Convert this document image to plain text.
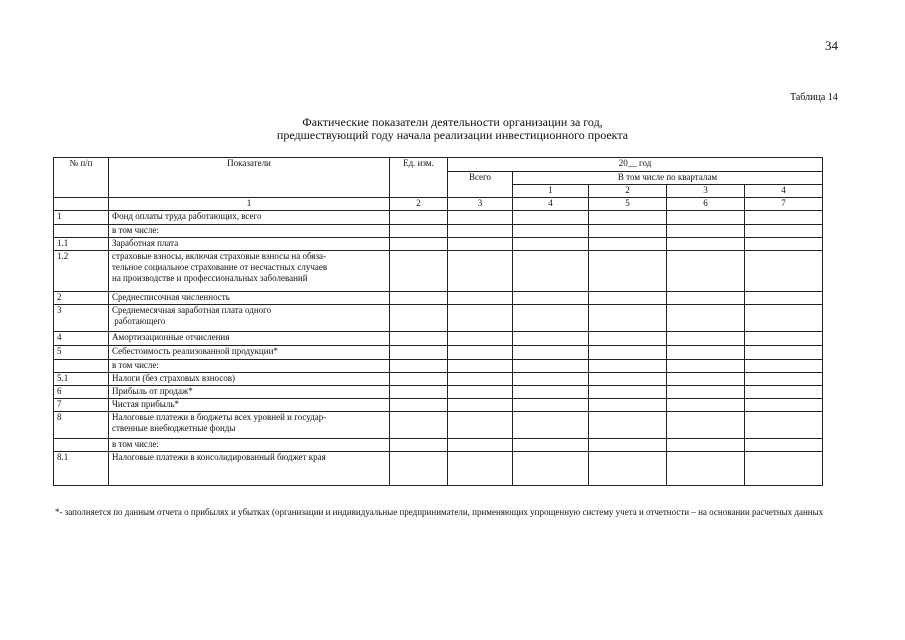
34
Таблица 14
Фактические показатели деятельности организации за год,
предшествующий году начала реализации инвестиционного проекта
№ п/п	Показатели	Ед. изм.	20__ год				
			Всего	В том числе по кварталам			
				1	2	3	4
	1	2	3	4	5	6	7
1	Фонд оплаты труда работающих, всего						

	в том числе:						

1.1	Заработная плата						

1.2	страховые взносы, включая страховые взносы на обяза-
тельное социальное страхование от несчастных случаев
на производстве и профессиональных заболеваний						

2	Среднесписочная численность						

3	Среднемесячная заработная плата одного
работающего						

4	Амортизационные отчисления						

5	Себестоимость реализованной продукции*						

	в том числе:						

5.1	Налоги (без страховых взносов)						

6	Прибыль от продаж*						

7	Чистая прибыль*						

8	Налоговые платежи в бюджеты всех уровней и государ-
ственные внебюджетные фонды						

	в том числе:						

8.1	Налоговые платежи в консолидированный бюджет края						

*- заполняется по данным отчета о прибылях и убытках (организации и индивидуальные предприниматели, применяющих упрощенную систему учета и отчетности – на основании расчетных данных
